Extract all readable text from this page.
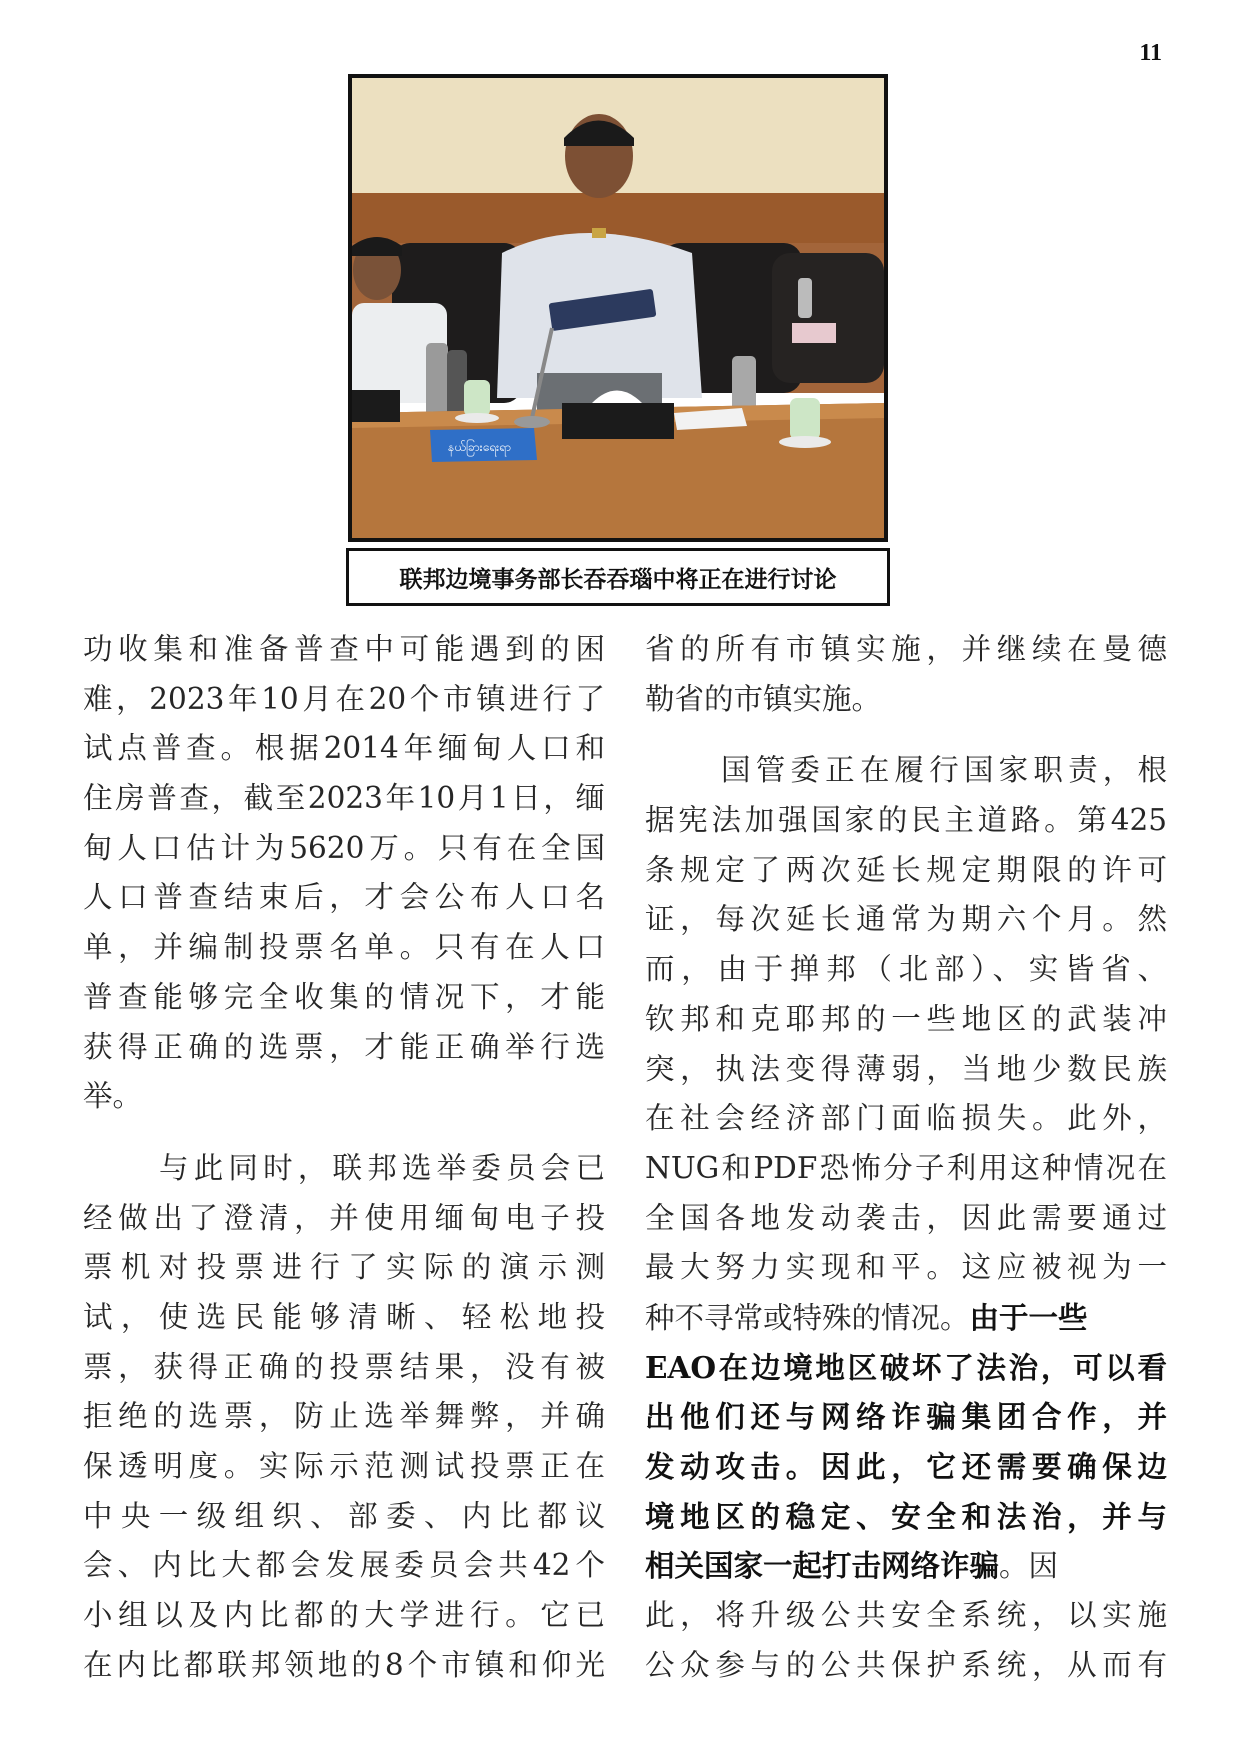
11
နယ်ခြားရေးရာ
联邦边境事务部长吞吞瑙中将正在进行讨论
功收集和准备普查中可能遇到的困
难，2023年10月在20个市镇进行了
试点普查。根据2014年缅甸人口和
住房普查，截至2023年10月1日，缅
甸人口估计为5620万。只有在全国
人口普查结束后，才会公布人口名
单，并编制投票名单。只有在人口
普查能够完全收集的情况下，才能
获得正确的选票，才能正确举行选
举。
与此同时，联邦选举委员会已
经做出了澄清，并使用缅甸电子投
票机对投票进行了实际的演示测
试，使选民能够清晰、轻松地投
票，获得正确的投票结果，没有被
拒绝的选票，防止选举舞弊，并确
保透明度。实际示范测试投票正在
中央一级组织、部委、内比都议
会、内比大都会发展委员会共42个
小组以及内比都的大学进行。它已
在内比都联邦领地的8个市镇和仰光
省的所有市镇实施，并继续在曼德
勒省的市镇实施。
国管委正在履行国家职责，根
据宪法加强国家的民主道路。第425
条规定了两次延长规定期限的许可
证，每次延长通常为期六个月。然
而，由于掸邦（北部）、实皆省、
钦邦和克耶邦的一些地区的武装冲
突，执法变得薄弱，当地少数民族
在社会经济部门面临损失。此外，
NUG和PDF恐怖分子利用这种情况在
全国各地发动袭击，因此需要通过
最大努力实现和平。这应被视为一
种不寻常或特殊的情况。由于一些
EAO在边境地区破坏了法治，可以看
出他们还与网络诈骗集团合作，并
发动攻击。因此，它还需要确保边
境地区的稳定、安全和法治，并与
相关国家一起打击网络诈骗。因
此，将升级公共安全系统，以实施
公众参与的公共保护系统，从而有
